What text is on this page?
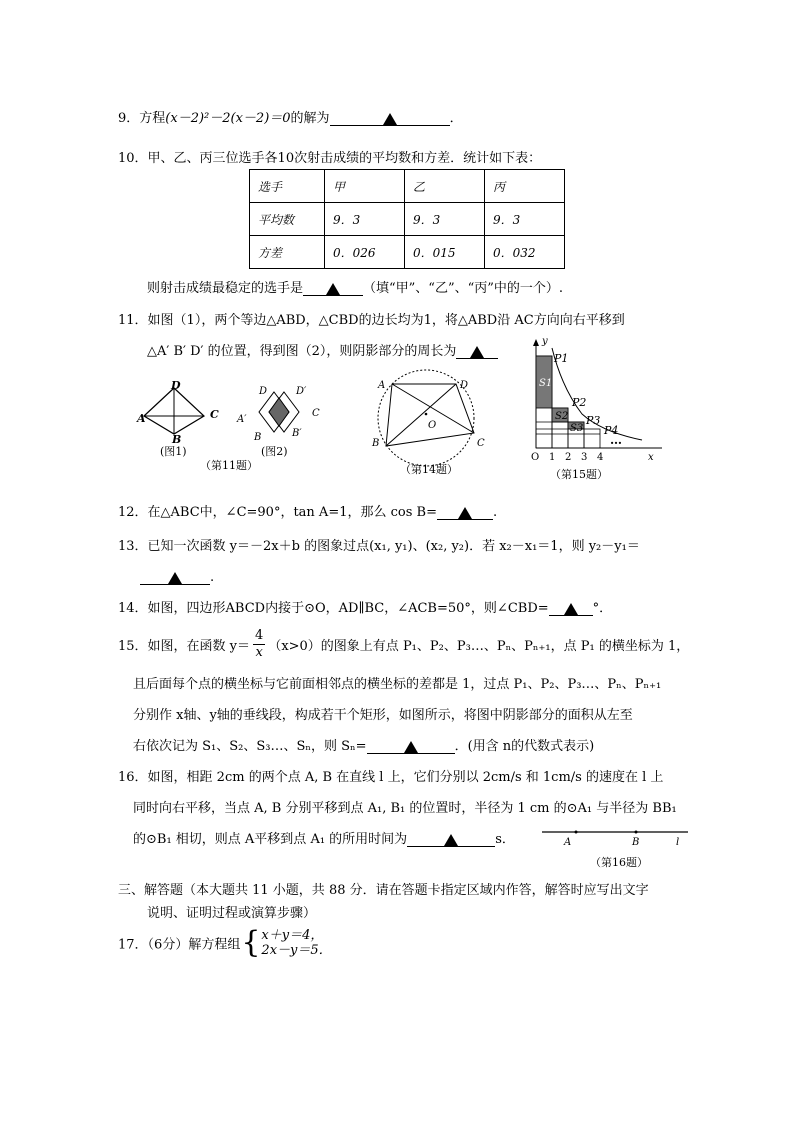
9．方程(x－2)²－2(x－2)＝0的解为	．
10．甲、乙、丙三位选手各10次射击成绩的平均数和方差．统计如下表：
选手	甲	乙	丙
平均数	9．3	9．3	9．3
方差	0．026	0．015	0．032
则射击成绩最稳定的选手是	（填“甲”、“乙”、“丙”中的一个）.
11．如图（1），两个等边△ABD，△CBD的边长均为1，将△ABD沿 AC方向向右平移到
△A′ B′ D′ 的位置，得到图（2），则阴影部分的周长为
D
A	C
B
(图1)
D	D′
A′
C
B	B′
(图2)
（第11题）
A	D
O
B	C
（第14题）
y
x
P1
P2
P3
P4
S1
S2
S3
…
O 1 2 3 4
（第15题）
12．在△ABC中，∠C=90°，tan A=1，那么 cos B=	.
13．已知一次函数 y＝－2x＋b 的图象过点(x₁, y₁)、(x₂, y₂)．若 x₂－x₁＝1，则 y₂－y₁＝
.
14．如图，四边形ABCD内接于⊙O，AD∥BC，∠ACB=50°，则∠CBD=	°．
15．如图，在函数 $y= \frac{4}{x} (x>0)$的图象上有点 P₁、P₂、P₃…、Pₙ、Pₙ₊₁，点 P₁ 的横坐标为 1，
且后面每个点的横坐标与它前面相邻点的横坐标的差都是 1，过点 P₁、P₂、P₃…、Pₙ、Pₙ₊₁
分别作 x轴、y轴的垂线段，构成若干个矩形，如图所示，将图中阴影部分的面积从左至
右依次记为 S₁、S₂、S₃…、Sₙ，则 Sₙ=	．(用含 n的代数式表示)
16．如图，相距 2cm 的两个点 A, B 在直线 l 上，它们分别以 2cm/s 和 1cm/s 的速度在 l 上
同时向右平移，当点 A, B 分别平移到点 A₁, B₁ 的位置时，半径为 1 cm 的⊙A₁ 与半径为 BB₁
的⊙B₁ 相切，则点 A平移到点 A₁ 的所用时间为	s．	A	B	l
（第16题）
三、解答题（本大题共 11 小题，共 88 分．请在答题卡指定区域内作答，解答时应写出文字
说明、证明过程或演算步骤）
17．（6分）解方程组{ x＋y＝4，
2x－y＝5．
